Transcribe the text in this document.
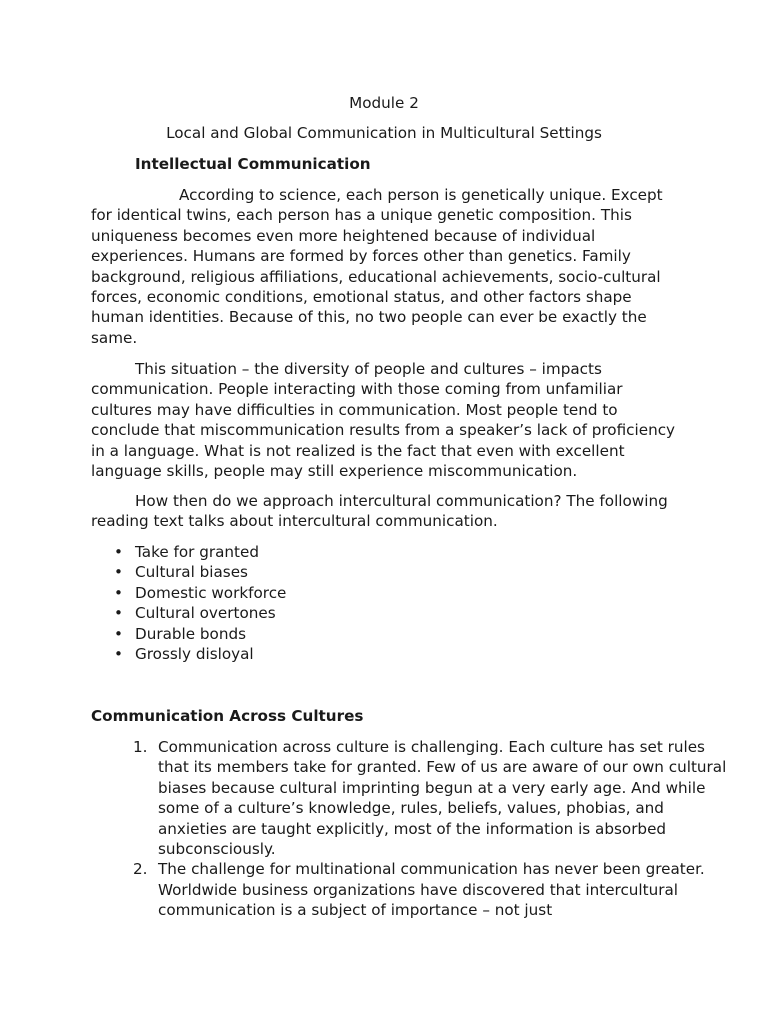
Module 2
Local and Global Communication in Multicultural Settings
Intellectual Communication

According to science, each person is genetically unique. Except for identical twins, each person has a unique genetic composition. This uniqueness becomes even more heightened because of individual experiences. Humans are formed by forces other than genetics. Family background, religious affiliations, educational achievements, socio-cultural forces, economic conditions, emotional status, and other factors shape human identities. Because of this, no two people can ever be exactly the same.

This situation – the diversity of people and cultures – impacts communication. People interacting with those coming from unfamiliar cultures may have difficulties in communication. Most people tend to conclude that miscommunication results from a speaker’s lack of proficiency in a language. What is not realized is the fact that even with excellent language skills, people may still experience miscommunication.

How then do we approach intercultural communication? The following reading text talks about intercultural communication.

• Take for granted
• Cultural biases
• Domestic workforce
• Cultural overtones
• Durable bonds
• Grossly disloyal
Communication Across Cultures
1. Communication across culture is challenging. Each culture has set rules that its members take for granted. Few of us are aware of our own cultural biases because cultural imprinting begun at a very early age. And while some of a culture’s knowledge, rules, beliefs, values, phobias, and anxieties are taught explicitly, most of the information is absorbed subconsciously.
2. The challenge for multinational communication has never been greater. Worldwide business organizations have discovered that intercultural communication is a subject of importance – not just
